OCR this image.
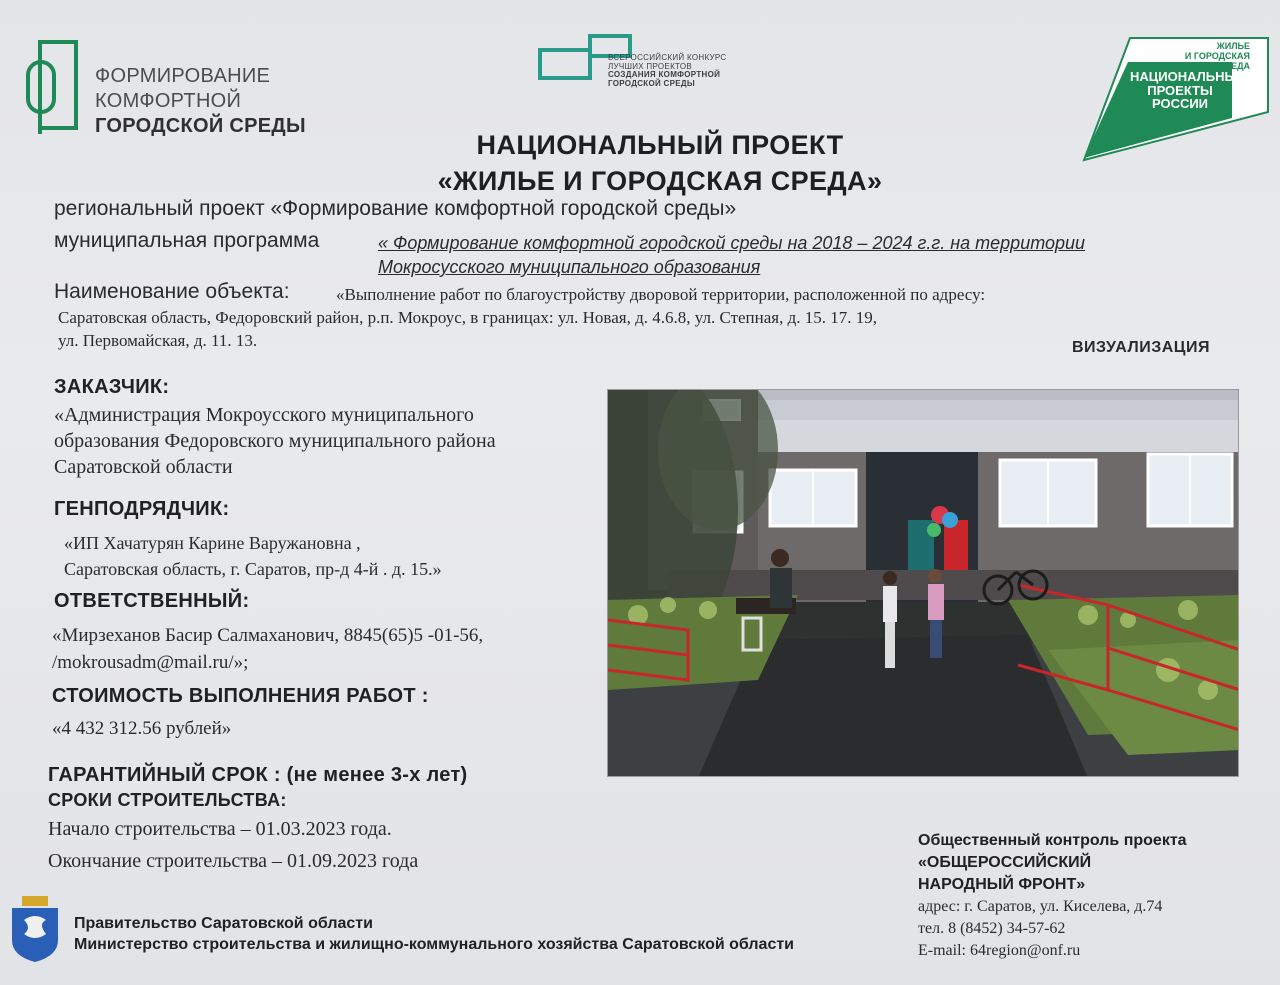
ФОРМИРОВАНИЕ
КОМФОРТНОЙ
ГОРОДСКОЙ СРЕДЫ
ВСЕРОССИЙСКИЙ КОНКУРС
ЛУЧШИХ ПРОЕКТОВ
СОЗДАНИЯ КОМФОРТНОЙ
ГОРОДСКОЙ СРЕДЫ
ЖИЛЬЕ
И ГОРОДСКАЯ СРЕДА
НАЦИОНАЛЬНЫЕ
ПРОЕКТЫ
РОССИИ
НАЦИОНАЛЬНЫЙ ПРОЕКТ
«ЖИЛЬЕ И ГОРОДСКАЯ СРЕДА»
региональный проект «Формирование комфортной городской среды»
муниципальная программа	« Формирование комфортной городской среды на 2018 – 2024 г.г. на территории
Мокросусского муниципального образования
Наименование объекта:	«Выполнение работ по благоустройству дворовой территории, расположенной по адресу:
Саратовская область, Федоровский район, р.п. Мокроус, в границах: ул. Новая, д. 4.6.8, ул. Степная, д. 15. 17. 19,
ул. Первомайская, д. 11. 13.	ВИЗУАЛИЗАЦИЯ
ЗАКАЗЧИК:
«Администрация Мокроусского муниципального
образования Федоровского муниципального района
Саратовской области
ГЕНПОДРЯДЧИК:
«ИП Хачатурян Карине Варужановна ,
Саратовская область, г. Саратов, пр-д 4-й . д. 15.»
ОТВЕТСТВЕННЫЙ:
«Мирзеханов Басир Салмаханович, 8845(65)5 -01-56,
/mokrousadm@mail.ru/»;
СТОИМОСТЬ ВЫПОЛНЕНИЯ РАБОТ :
«4 432 312.56 рублей»
ГАРАНТИЙНЫЙ СРОК : (не менее 3-х лет)
СРОКИ СТРОИТЕЛЬСТВА:
Начало строительства – 01.03.2023 года.
Окончание строительства – 01.09.2023 года
Общественный контроль проекта
«ОБЩЕРОССИЙСКИЙ
НАРОДНЫЙ ФРОНТ»
адрес: г. Саратов, ул. Киселева, д.74
тел. 8 (8452) 34-57-62
E-mail: 64region@onf.ru
Правительство Саратовской области
Министерство строительства и жилищно-коммунального хозяйства Саратовской области
